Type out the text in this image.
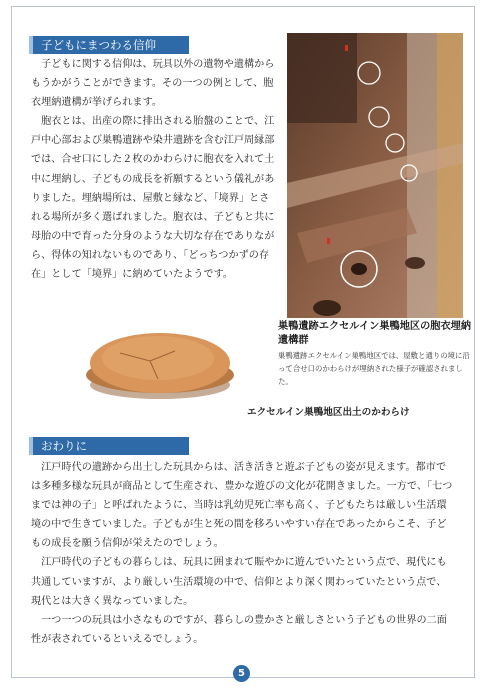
子どもにまつわる信仰

　子どもに関する信仰は、玩具以外の遺物や遺構からもうかがうことができます。その一つの例として、胞衣埋納遺構が挙げられます。

　胞衣とは、出産の際に排出される胎盤のことで、江戸中心部および巣鴨遺跡や染井遺跡を含む江戸周縁部では、合せ口にした２枚のかわらけに胞衣を入れて土中に埋納し、子どもの成長を祈願するという儀礼がありました。埋納場所は、屋敷と縁など、「境界」とされる場所が多く選ばれました。胞衣は、子どもと共に母胎の中で育った分身のような大切な存在でありながら、得体の知れないものであり、「どっちつかずの存在」として「境界」に納めていたようです。

巣鴨遺跡エクセルイン巣鴨地区の胞衣埋納遺構群
巣鴨遺跡エクセルイン巣鴨地区では、屋敷と通りの境に沿って合せ口のかわらけが埋納された様子が確認されました。
エクセルイン巣鴨地区出土のかわらけ
おわりに

　江戸時代の遺跡から出土した玩具からは、活き活きと遊ぶ子どもの姿が見えます。都市では多種多様な玩具が商品として生産され、豊かな遊びの文化が花開きました。一方で、「七つまでは神の子」と呼ばれたように、当時は乳幼児死亡率も高く、子どもたちは厳しい生活環境の中で生きていました。子どもが生と死の間を移ろいやすい存在であったからこそ、子どもの成長を願う信仰が栄えたのでしょう。

　江戸時代の子どもの暮らしは、玩具に囲まれて賑やかに遊んでいたという点で、現代にも共通していますが、より厳しい生活環境の中で、信仰とより深く関わっていたという点で、現代とは大きく異なっていました。

　一つ一つの玩具は小さなものですが、暮らしの豊かさと厳しさという子どもの世界の二面性が表されているといえるでしょう。

5
